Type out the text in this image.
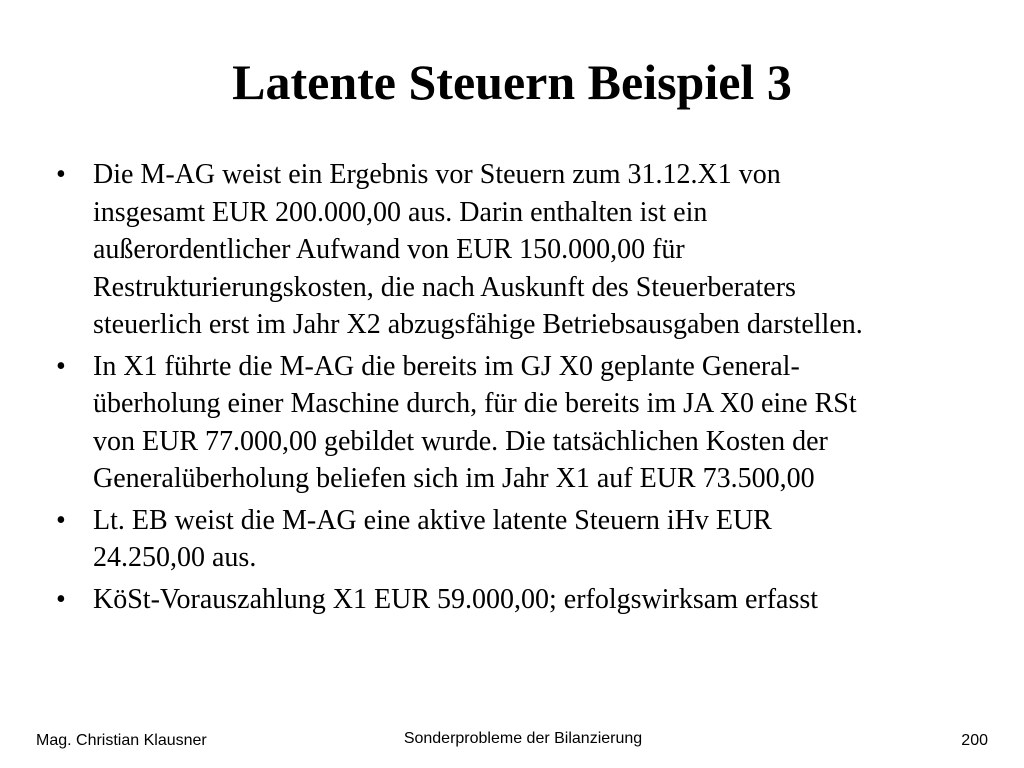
Latente Steuern Beispiel 3
• Die M-AG weist ein Ergebnis vor Steuern zum 31.12.X1 von
insgesamt EUR 200.000,00 aus. Darin enthalten ist ein
außerordentlicher Aufwand von EUR 150.000,00 für
Restrukturierungskosten, die nach Auskunft des Steuerberaters
steuerlich erst im Jahr X2 abzugsfähige Betriebsausgaben darstellen.
• In X1 führte die M-AG die bereits im GJ X0 geplante General-
überholung einer Maschine durch, für die bereits im JA X0 eine RSt
von EUR 77.000,00 gebildet wurde. Die tatsächlichen Kosten der
Generalüberholung beliefen sich im Jahr X1 auf EUR 73.500,00
• Lt. EB weist die M-AG eine aktive latente Steuern iHv EUR
24.250,00 aus.
• KöSt-Vorauszahlung X1 EUR 59.000,00; erfolgswirksam erfasst
Mag. Christian Klausner	Sonderprobleme der Bilanzierung	200
